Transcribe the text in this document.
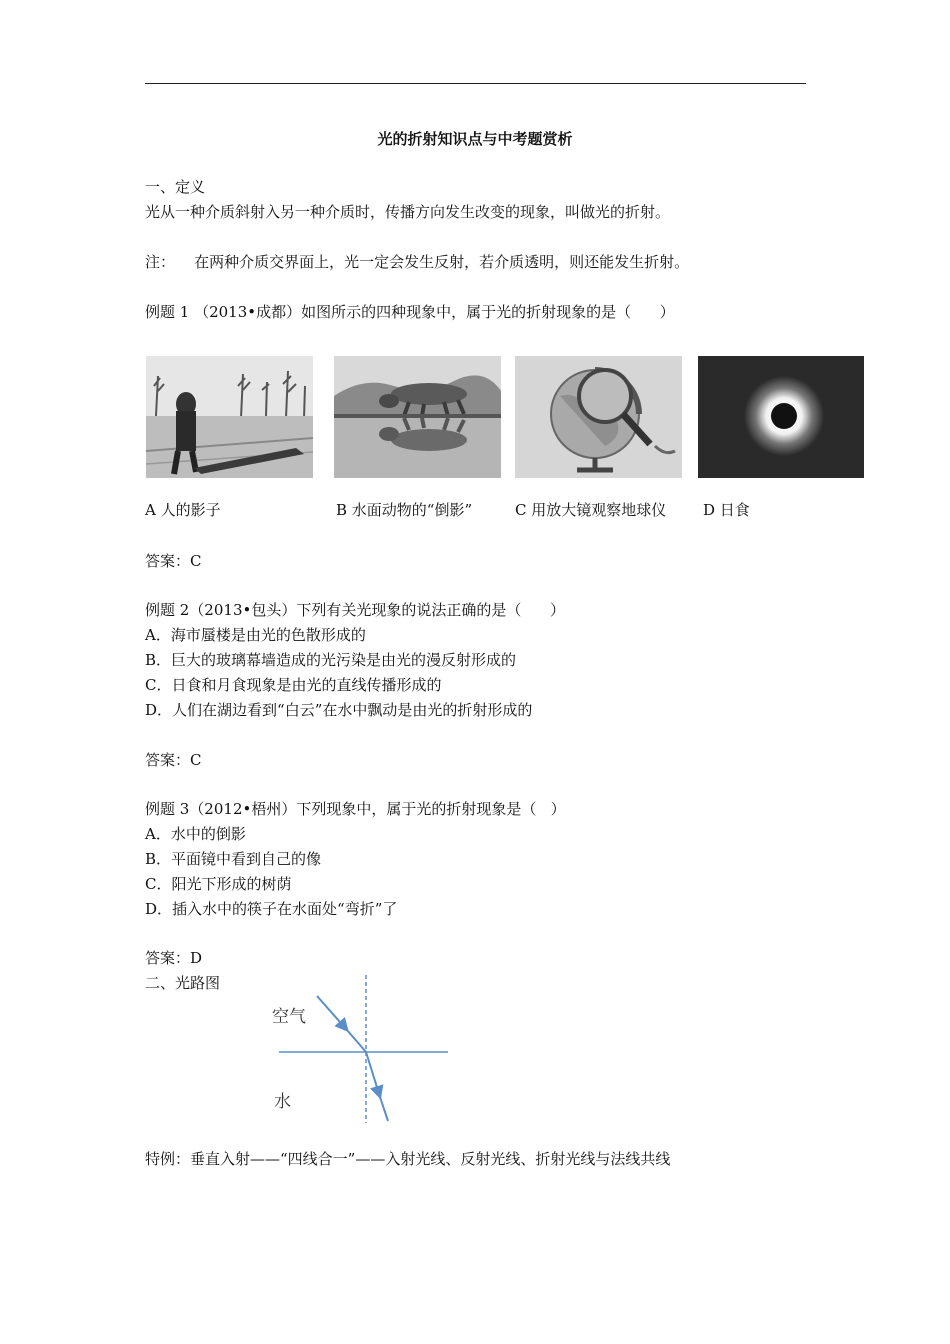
光的折射知识点与中考题赏析
一、定义
光从一种介质斜射入另一种介质时，传播方向发生改变的现象，叫做光的折射。
注：    在两种介质交界面上，光一定会发生反射，若介质透明，则还能发生折射。
例题 1 （2013•成都）如图所示的四种现象中，属于光的折射现象的是（      ）
A 人的影子	B 水面动物的“倒影”	C 用放大镜观察地球仪 D 日食
答案：C
例题 2（2013•包头）下列有关光现象的说法正确的是（      ）
A．海市蜃楼是由光的色散形成的
B．巨大的玻璃幕墙造成的光污染是由光的漫反射形成的
C．日食和月食现象是由光的直线传播形成的
D．人们在湖边看到“白云”在水中飘动是由光的折射形成的
答案：C
例题 3（2012•梧州）下列现象中，属于光的折射现象是（   ）
A．水中的倒影
B．平面镜中看到自己的像
C．阳光下形成的树荫
D．插入水中的筷子在水面处“弯折”了
答案：D
二、光路图
空气
水
特例：垂直入射——“四线合一”——入射光线、反射光线、折射光线与法线共线
